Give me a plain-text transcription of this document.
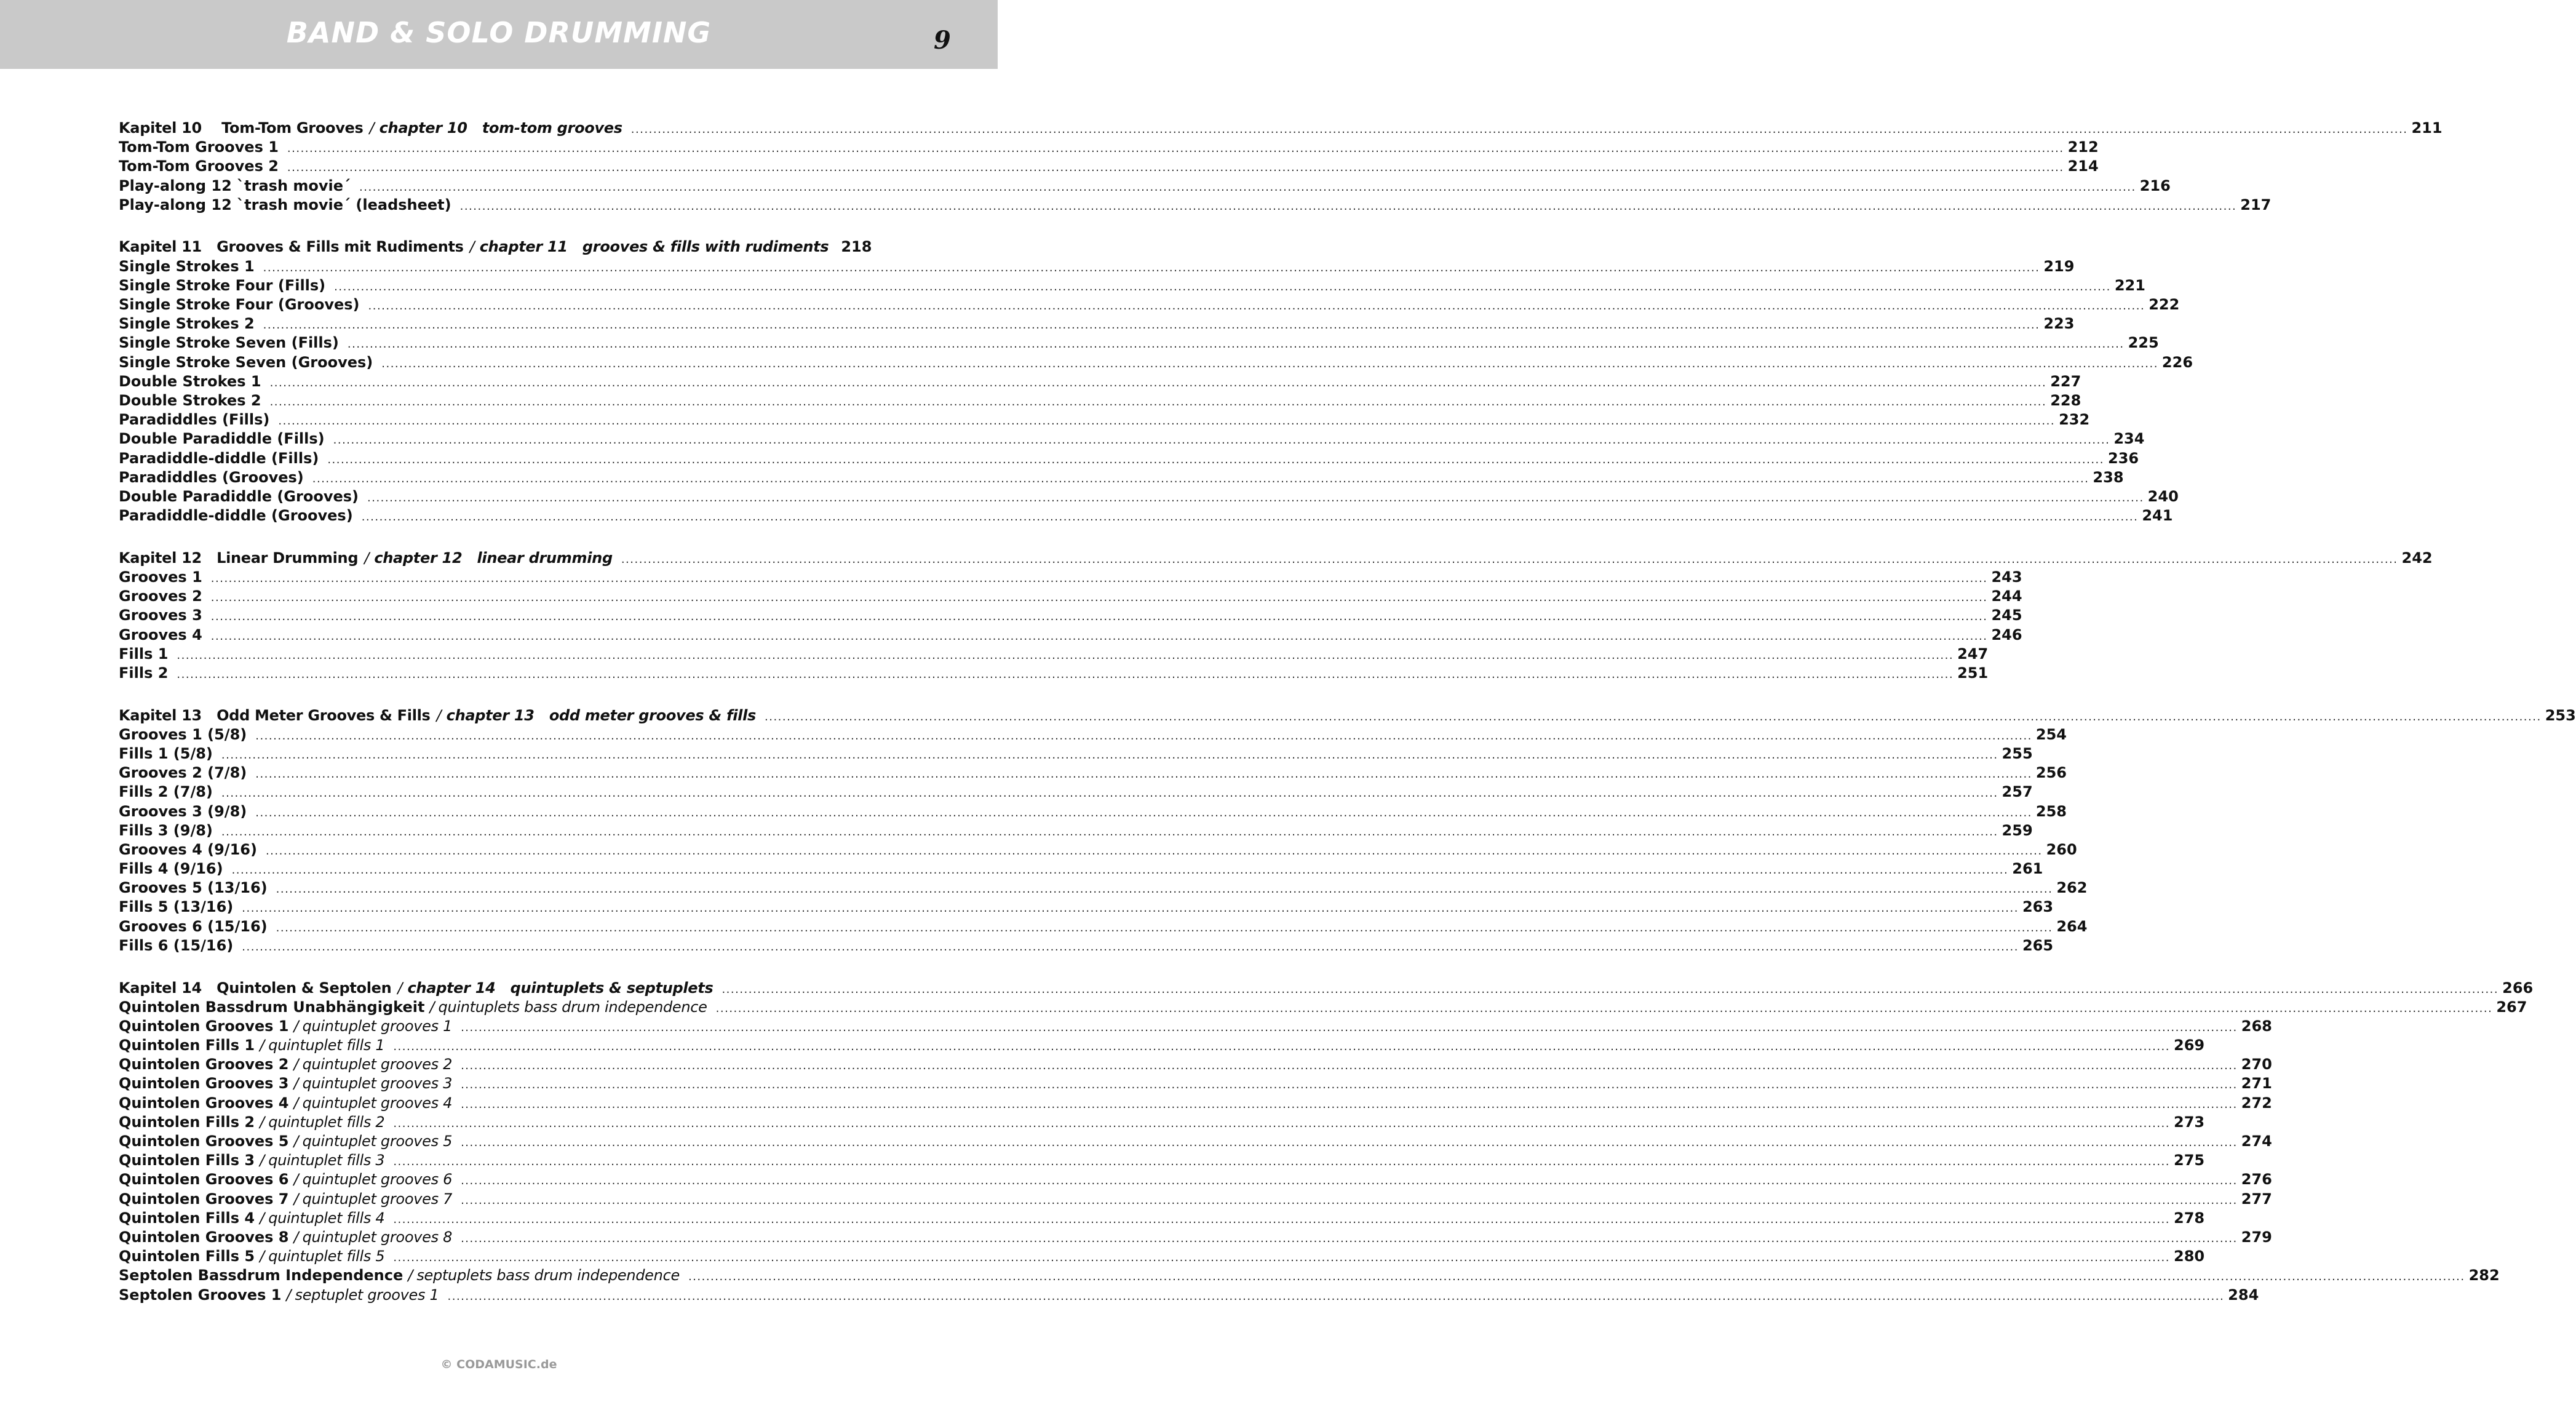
BAND & SOLO DRUMMING	9
Kapitel 10    Tom-Tom Grooves / chapter 10   tom-tom grooves ................................................................................................................................................................................................................................................................................................................................................................................................................ 211
Tom-Tom Grooves 1 ................................................................................................................................................................................................................................................................................................................................................................................................................ 212
Tom-Tom Grooves 2 ................................................................................................................................................................................................................................................................................................................................................................................................................ 214
Play-along 12 `trash movie´ ................................................................................................................................................................................................................................................................................................................................................................................................................ 216
Play-along 12 `trash movie´ (leadsheet) ................................................................................................................................................................................................................................................................................................................................................................................................................ 217
Kapitel 11   Grooves & Fills mit Rudiments / chapter 11   grooves & fills with rudiments 218
Single Strokes 1 ................................................................................................................................................................................................................................................................................................................................................................................................................ 219
Single Stroke Four (Fills) ................................................................................................................................................................................................................................................................................................................................................................................................................ 221
Single Stroke Four (Grooves) ................................................................................................................................................................................................................................................................................................................................................................................................................ 222
Single Strokes 2 ................................................................................................................................................................................................................................................................................................................................................................................................................ 223
Single Stroke Seven (Fills) ................................................................................................................................................................................................................................................................................................................................................................................................................ 225
Single Stroke Seven (Grooves) ................................................................................................................................................................................................................................................................................................................................................................................................................ 226
Double Strokes 1 ................................................................................................................................................................................................................................................................................................................................................................................................................ 227
Double Strokes 2 ................................................................................................................................................................................................................................................................................................................................................................................................................ 228
Paradiddles (Fills) ................................................................................................................................................................................................................................................................................................................................................................................................................ 232
Double Paradiddle (Fills) ................................................................................................................................................................................................................................................................................................................................................................................................................ 234
Paradiddle-diddle (Fills) ................................................................................................................................................................................................................................................................................................................................................................................................................ 236
Paradiddles (Grooves) ................................................................................................................................................................................................................................................................................................................................................................................................................ 238
Double Paradiddle (Grooves) ................................................................................................................................................................................................................................................................................................................................................................................................................ 240
Paradiddle-diddle (Grooves) ................................................................................................................................................................................................................................................................................................................................................................................................................ 241
Kapitel 12   Linear Drumming / chapter 12   linear drumming ................................................................................................................................................................................................................................................................................................................................................................................................................ 242
Grooves 1 ................................................................................................................................................................................................................................................................................................................................................................................................................ 243
Grooves 2 ................................................................................................................................................................................................................................................................................................................................................................................................................ 244
Grooves 3 ................................................................................................................................................................................................................................................................................................................................................................................................................ 245
Grooves 4 ................................................................................................................................................................................................................................................................................................................................................................................................................ 246
Fills 1 ................................................................................................................................................................................................................................................................................................................................................................................................................ 247
Fills 2 ................................................................................................................................................................................................................................................................................................................................................................................................................ 251
Kapitel 13   Odd Meter Grooves & Fills / chapter 13   odd meter grooves & fills ................................................................................................................................................................................................................................................................................................................................................................................................................ 253
Grooves 1 (5/8) ................................................................................................................................................................................................................................................................................................................................................................................................................ 254
Fills 1 (5/8) ................................................................................................................................................................................................................................................................................................................................................................................................................ 255
Grooves 2 (7/8) ................................................................................................................................................................................................................................................................................................................................................................................................................ 256
Fills 2 (7/8) ................................................................................................................................................................................................................................................................................................................................................................................................................ 257
Grooves 3 (9/8) ................................................................................................................................................................................................................................................................................................................................................................................................................ 258
Fills 3 (9/8) ................................................................................................................................................................................................................................................................................................................................................................................................................ 259
Grooves 4 (9/16) ................................................................................................................................................................................................................................................................................................................................................................................................................ 260
Fills 4 (9/16) ................................................................................................................................................................................................................................................................................................................................................................................................................ 261
Grooves 5 (13/16) ................................................................................................................................................................................................................................................................................................................................................................................................................ 262
Fills 5 (13/16) ................................................................................................................................................................................................................................................................................................................................................................................................................ 263
Grooves 6 (15/16) ................................................................................................................................................................................................................................................................................................................................................................................................................ 264
Fills 6 (15/16) ................................................................................................................................................................................................................................................................................................................................................................................................................ 265
Kapitel 14   Quintolen & Septolen / chapter 14   quintuplets & septuplets ................................................................................................................................................................................................................................................................................................................................................................................................................ 266
Quintolen Bassdrum Unabhängigkeit / quintuplets bass drum independence ................................................................................................................................................................................................................................................................................................................................................................................................................ 267
Quintolen Grooves 1 / quintuplet grooves 1 ................................................................................................................................................................................................................................................................................................................................................................................................................ 268
Quintolen Fills 1 / quintuplet fills 1 ................................................................................................................................................................................................................................................................................................................................................................................................................ 269
Quintolen Grooves 2 / quintuplet grooves 2 ................................................................................................................................................................................................................................................................................................................................................................................................................ 270
Quintolen Grooves 3 / quintuplet grooves 3 ................................................................................................................................................................................................................................................................................................................................................................................................................ 271
Quintolen Grooves 4 / quintuplet grooves 4 ................................................................................................................................................................................................................................................................................................................................................................................................................ 272
Quintolen Fills 2 / quintuplet fills 2 ................................................................................................................................................................................................................................................................................................................................................................................................................ 273
Quintolen Grooves 5 / quintuplet grooves 5 ................................................................................................................................................................................................................................................................................................................................................................................................................ 274
Quintolen Fills 3 / quintuplet fills 3 ................................................................................................................................................................................................................................................................................................................................................................................................................ 275
Quintolen Grooves 6 / quintuplet grooves 6 ................................................................................................................................................................................................................................................................................................................................................................................................................ 276
Quintolen Grooves 7 / quintuplet grooves 7 ................................................................................................................................................................................................................................................................................................................................................................................................................ 277
Quintolen Fills 4 / quintuplet fills 4 ................................................................................................................................................................................................................................................................................................................................................................................................................ 278
Quintolen Grooves 8 / quintuplet grooves 8 ................................................................................................................................................................................................................................................................................................................................................................................................................ 279
Quintolen Fills 5 / quintuplet fills 5 ................................................................................................................................................................................................................................................................................................................................................................................................................ 280
Septolen Bassdrum Independence / septuplets bass drum independence ................................................................................................................................................................................................................................................................................................................................................................................................................ 282
Septolen Grooves 1 / septuplet grooves 1 ................................................................................................................................................................................................................................................................................................................................................................................................................ 284
© CODAMUSIC.de
